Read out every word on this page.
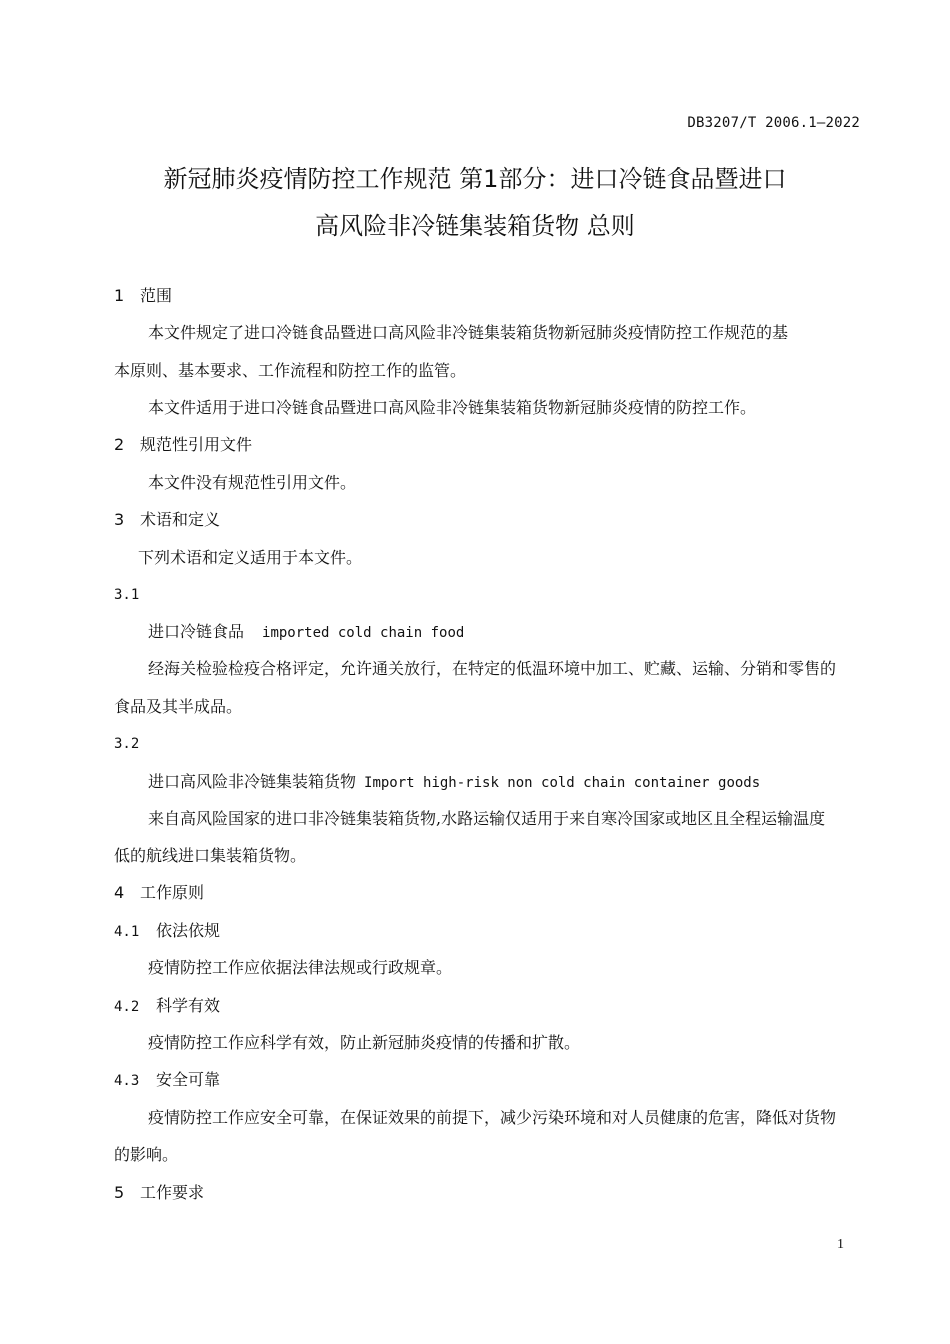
DB3207/T 2006.1—2022
新冠肺炎疫情防控工作规范 第1部分：进口冷链食品暨进口
高风险非冷链集装箱货物 总则
1 范围
本文件规定了进口冷链食品暨进口高风险非冷链集装箱货物新冠肺炎疫情防控工作规范的基
本原则、基本要求、工作流程和防控工作的监管。
本文件适用于进口冷链食品暨进口高风险非冷链集装箱货物新冠肺炎疫情的防控工作。
2 规范性引用文件
本文件没有规范性引用文件。
3 术语和定义
下列术语和定义适用于本文件。
3.1
进口冷链食品 imported cold chain food
经海关检验检疫合格评定，允许通关放行，在特定的低温环境中加工、贮藏、运输、分销和零售的
食品及其半成品。
3.2
进口高风险非冷链集装箱货物 Import high-risk non cold chain container goods
来自高风险国家的进口非冷链集装箱货物,水路运输仅适用于来自寒冷国家或地区且全程运输温度
低的航线进口集装箱货物。
4 工作原则
4.1 依法依规
疫情防控工作应依据法律法规或行政规章。
4.2 科学有效
疫情防控工作应科学有效，防止新冠肺炎疫情的传播和扩散。
4.3 安全可靠
疫情防控工作应安全可靠，在保证效果的前提下，减少污染环境和对人员健康的危害，降低对货物
的影响。
5 工作要求
1
